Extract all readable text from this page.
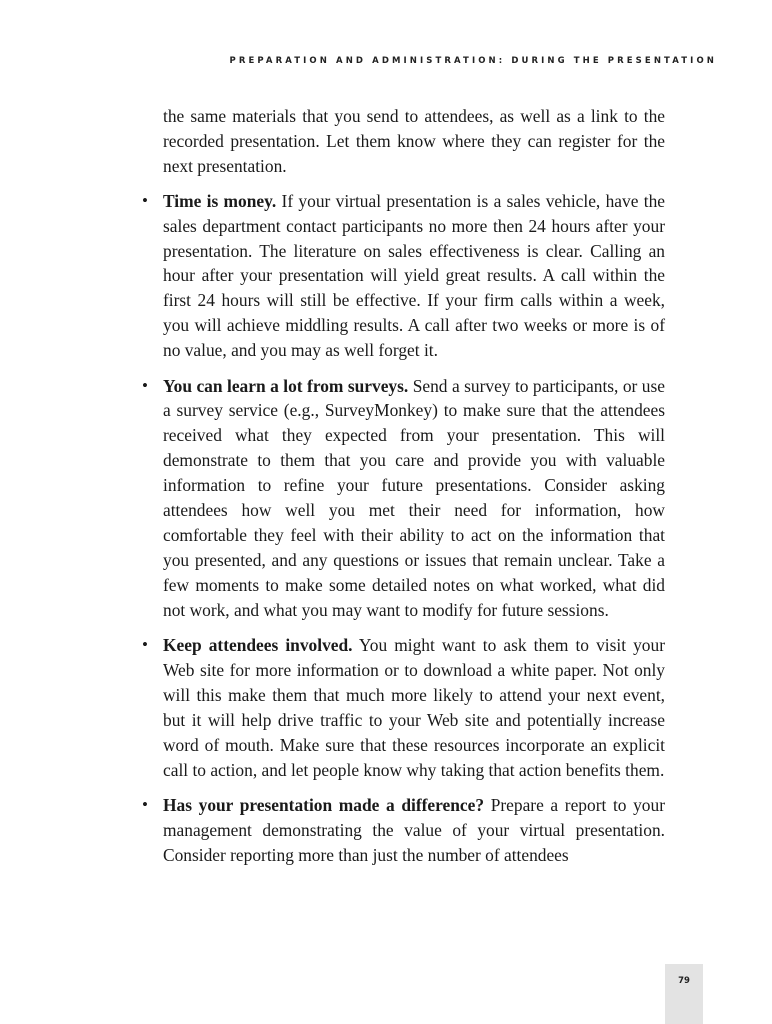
PREPARATION AND ADMINISTRATION: DURING THE PRESENTATION

the same materials that you send to attendees, as well as a link to the recorded presentation. Let them know where they can register for the next presentation.

• Time is money. If your virtual presentation is a sales vehicle, have the sales department contact participants no more then 24 hours after your presentation. The literature on sales effectiveness is clear. Calling an hour after your presentation will yield great results. A call within the first 24 hours will still be effective. If your firm calls within a week, you will achieve middling results. A call after two weeks or more is of no value, and you may as well forget it.
• You can learn a lot from surveys. Send a survey to participants, or use a survey service (e.g., SurveyMonkey) to make sure that the attendees received what they expected from your presentation. This will demonstrate to them that you care and provide you with valuable information to refine your future presentations. Consider asking attendees how well you met their need for information, how comfortable they feel with their ability to act on the information that you presented, and any questions or issues that remain unclear. Take a few moments to make some detailed notes on what worked, what did not work, and what you may want to modify for future sessions.
• Keep attendees involved. You might want to ask them to visit your Web site for more information or to download a white paper. Not only will this make them that much more likely to attend your next event, but it will help drive traffic to your Web site and potentially increase word of mouth. Make sure that these resources incorporate an explicit call to action, and let people know why taking that action benefits them.
• Has your presentation made a difference? Prepare a report to your management demonstrating the value of your virtual presentation. Consider reporting more than just the number of attendees
79
